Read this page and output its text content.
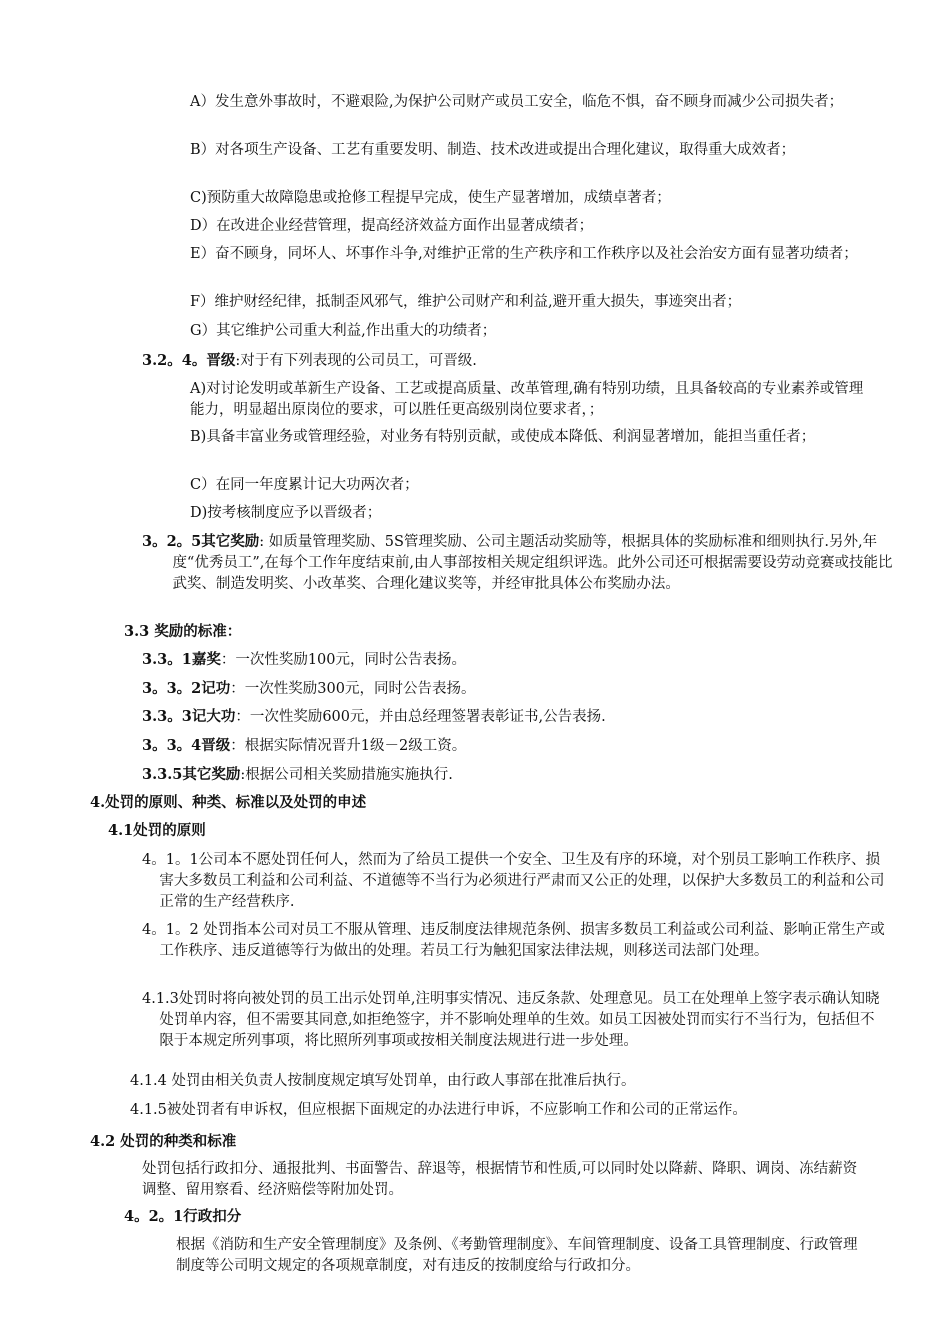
A）发生意外事故时，不避艰险,为保护公司财产或员工安全，临危不惧，奋不顾身而减少公司损失者；
B）对各项生产设备、工艺有重要发明、制造、技术改进或提出合理化建议，取得重大成效者；
C)预防重大故障隐患或抢修工程提早完成，使生产显著增加，成绩卓著者；
D）在改进企业经营管理，提高经济效益方面作出显著成绩者；
E）奋不顾身，同坏人、坏事作斗争,对维护正常的生产秩序和工作秩序以及社会治安方面有显著功绩者；
F）维护财经纪律，抵制歪风邪气，维护公司财产和利益,避开重大损失，事迹突出者；
G）其它维护公司重大利益,作出重大的功绩者；
3.2。4。晋级:对于有下列表现的公司员工，可晋级.
A)对讨论发明或革新生产设备、工艺或提高质量、改革管理,确有特别功绩，且具备较高的专业素养或管理能力，明显超出原岗位的要求，可以胜任更高级别岗位要求者，；
B)具备丰富业务或管理经验，对业务有特别贡献，或使成本降低、利润显著增加，能担当重任者；
C）在同一年度累计记大功两次者；
D)按考核制度应予以晋级者；
3。2。5其它奖励: 如质量管理奖励、5S管理奖励、公司主题活动奖励等，根据具体的奖励标准和细则执行.另外,年度“优秀员工”,在每个工作年度结束前,由人事部按相关规定组织评选。此外公司还可根据需要设劳动竞赛或技能比武奖、制造发明奖、小改革奖、合理化建议奖等，并经审批具体公布奖励办法。
3.3 奖励的标准：
3.3。1嘉奖：一次性奖励100元，同时公告表扬。
3。3。2记功：一次性奖励300元，同时公告表扬。
3.3。3记大功：一次性奖励600元，并由总经理签署表彰证书,公告表扬.
3。3。4晋级：根据实际情况晋升1级－2级工资。
3.3.5其它奖励:根据公司相关奖励措施实施执行.
4.处罚的原则、种类、标准以及处罚的申述
4.1处罚的原则
4。1。1公司本不愿处罚任何人，然而为了给员工提供一个安全、卫生及有序的环境，对个别员工影响工作秩序、损害大多数员工利益和公司利益、不道德等不当行为必须进行严肃而又公正的处理，以保护大多数员工的利益和公司正常的生产经营秩序.
4。1。2 处罚指本公司对员工不服从管理、违反制度法律规范条例、损害多数员工利益或公司利益、影响正常生产或工作秩序、违反道德等行为做出的处理。若员工行为触犯国家法律法规，则移送司法部门处理。
4.1.3处罚时将向被处罚的员工出示处罚单,注明事实情况、违反条款、处理意见。员工在处理单上签字表示确认知晓处罚单内容，但不需要其同意,如拒绝签字，并不影响处理单的生效。如员工因被处罚而实行不当行为，包括但不限于本规定所列事项，将比照所列事项或按相关制度法规进行进一步处理。
4.1.4 处罚由相关负责人按制度规定填写处罚单，由行政人事部在批准后执行。
4.1.5被处罚者有申诉权，但应根据下面规定的办法进行申诉，不应影响工作和公司的正常运作。
4.2 处罚的种类和标准
处罚包括行政扣分、通报批判、书面警告、辞退等，根据情节和性质,可以同时处以降薪、降职、调岗、冻结薪资调整、留用察看、经济赔偿等附加处罚。
4。2。1行政扣分
根据《消防和生产安全管理制度》及条例、《考勤管理制度》、车间管理制度、设备工具管理制度、行政管理制度等公司明文规定的各项规章制度，对有违反的按制度给与行政扣分。
